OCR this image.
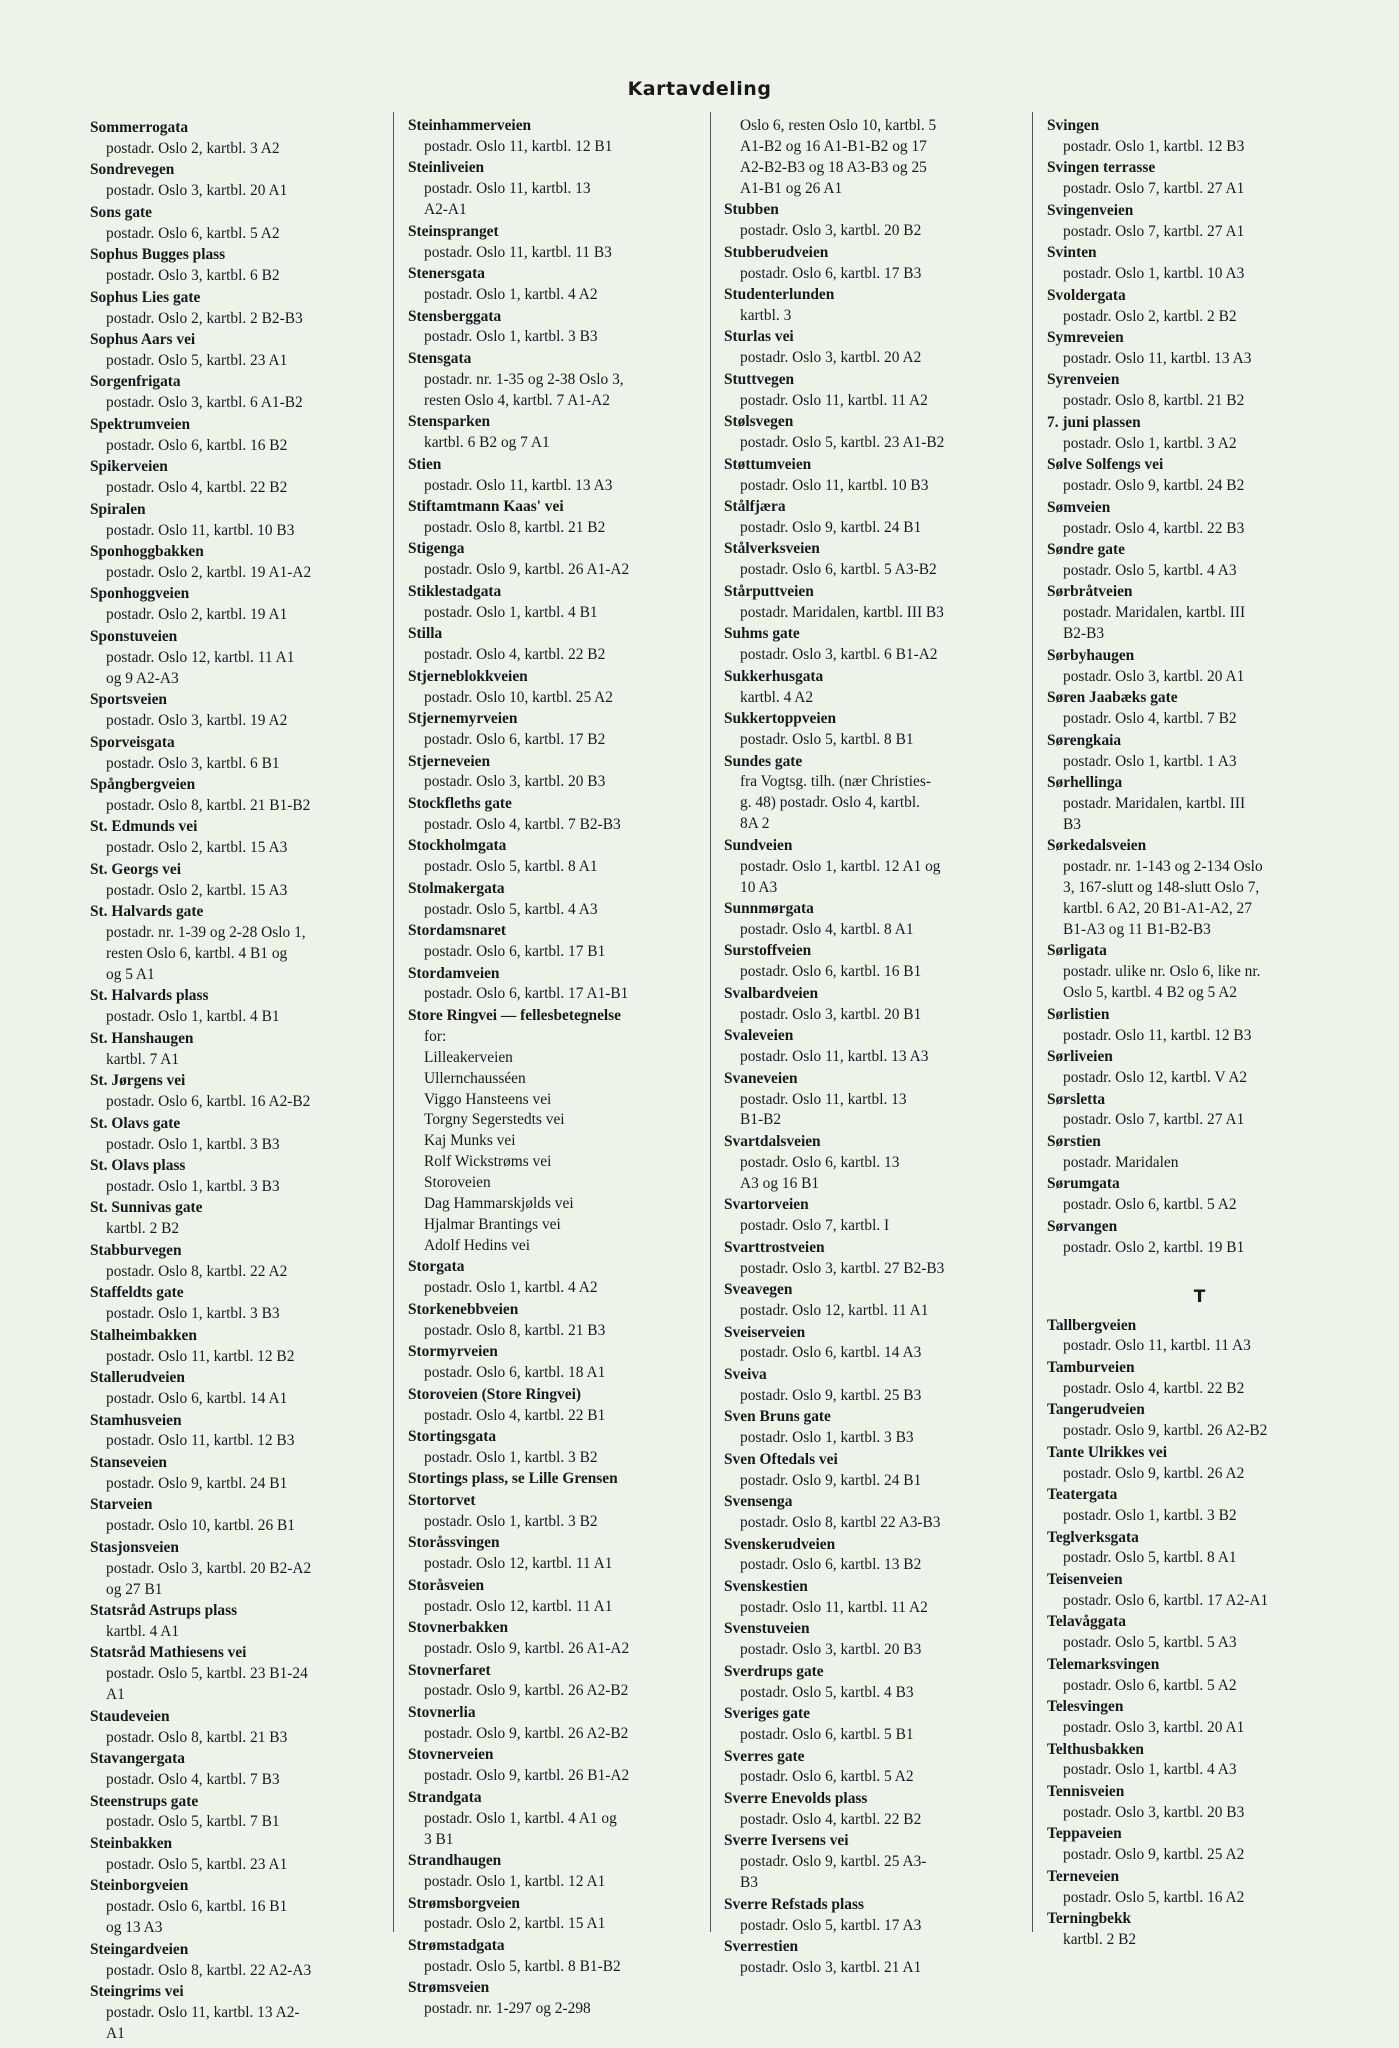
Kartavdeling
Sommerrogata
postadr. Oslo 2, kartbl. 3 A2
Sondrevegen
postadr. Oslo 3, kartbl. 20 A1
Sons gate
postadr. Oslo 6, kartbl. 5 A2
Sophus Bugges plass
postadr. Oslo 3, kartbl. 6 B2
Sophus Lies gate
postadr. Oslo 2, kartbl. 2 B2-B3
Sophus Aars vei
postadr. Oslo 5, kartbl. 23 A1
Sorgenfrigata
postadr. Oslo 3, kartbl. 6 A1-B2
Spektrumveien
postadr. Oslo 6, kartbl. 16 B2
Spikerveien
postadr. Oslo 4, kartbl. 22 B2
Spiralen
postadr. Oslo 11, kartbl. 10 B3
Sponhoggbakken
postadr. Oslo 2, kartbl. 19 A1-A2
Sponhoggveien
postadr. Oslo 2, kartbl. 19 A1
Sponstuveien
postadr. Oslo 12, kartbl. 11 A1
og 9 A2-A3
Sportsveien
postadr. Oslo 3, kartbl. 19 A2
Sporveisgata
postadr. Oslo 3, kartbl. 6 B1
Spångbergveien
postadr. Oslo 8, kartbl. 21 B1-B2
St. Edmunds vei
postadr. Oslo 2, kartbl. 15 A3
St. Georgs vei
postadr. Oslo 2, kartbl. 15 A3
St. Halvards gate
postadr. nr. 1-39 og 2-28 Oslo 1,
resten Oslo 6, kartbl. 4 B1 og
og 5 A1
St. Halvards plass
postadr. Oslo 1, kartbl. 4 B1
St. Hanshaugen
kartbl. 7 A1
St. Jørgens vei
postadr. Oslo 6, kartbl. 16 A2-B2
St. Olavs gate
postadr. Oslo 1, kartbl. 3 B3
St. Olavs plass
postadr. Oslo 1, kartbl. 3 B3
St. Sunnivas gate
kartbl. 2 B2
Stabburvegen
postadr. Oslo 8, kartbl. 22 A2
Staffeldts gate
postadr. Oslo 1, kartbl. 3 B3
Stalheimbakken
postadr. Oslo 11, kartbl. 12 B2
Stallerudveien
postadr. Oslo 6, kartbl. 14 A1
Stamhusveien
postadr. Oslo 11, kartbl. 12 B3
Stanseveien
postadr. Oslo 9, kartbl. 24 B1
Starveien
postadr. Oslo 10, kartbl. 26 B1
Stasjonsveien
postadr. Oslo 3, kartbl. 20 B2-A2
og 27 B1
Statsråd Astrups plass
kartbl. 4 A1
Statsråd Mathiesens vei
postadr. Oslo 5, kartbl. 23 B1-24
A1
Staudeveien
postadr. Oslo 8, kartbl. 21 B3
Stavangergata
postadr. Oslo 4, kartbl. 7 B3
Steenstrups gate
postadr. Oslo 5, kartbl. 7 B1
Steinbakken
postadr. Oslo 5, kartbl. 23 A1
Steinborgveien
postadr. Oslo 6, kartbl. 16 B1
og 13 A3
Steingardveien
postadr. Oslo 8, kartbl. 22 A2-A3
Steingrims vei
postadr. Oslo 11, kartbl. 13 A2-
A1
Steinhammerveien
postadr. Oslo 11, kartbl. 12 B1
Steinliveien
postadr. Oslo 11, kartbl. 13
A2-A1
Steinspranget
postadr. Oslo 11, kartbl. 11 B3
Stenersgata
postadr. Oslo 1, kartbl. 4 A2
Stensberggata
postadr. Oslo 1, kartbl. 3 B3
Stensgata
postadr. nr. 1-35 og 2-38 Oslo 3,
resten Oslo 4, kartbl. 7 A1-A2
Stensparken
kartbl. 6 B2 og 7 A1
Stien
postadr. Oslo 11, kartbl. 13 A3
Stiftamtmann Kaas' vei
postadr. Oslo 8, kartbl. 21 B2
Stigenga
postadr. Oslo 9, kartbl. 26 A1-A2
Stiklestadgata
postadr. Oslo 1, kartbl. 4 B1
Stilla
postadr. Oslo 4, kartbl. 22 B2
Stjerneblokkveien
postadr. Oslo 10, kartbl. 25 A2
Stjernemyrveien
postadr. Oslo 6, kartbl. 17 B2
Stjerneveien
postadr. Oslo 3, kartbl. 20 B3
Stockfleths gate
postadr. Oslo 4, kartbl. 7 B2-B3
Stockholmgata
postadr. Oslo 5, kartbl. 8 A1
Stolmakergata
postadr. Oslo 5, kartbl. 4 A3
Stordamsnaret
postadr. Oslo 6, kartbl. 17 B1
Stordamveien
postadr. Oslo 6, kartbl. 17 A1-B1
Store Ringvei — fellesbetegnelse
for:
Lilleakerveien
Ullernchausséen
Viggo Hansteens vei
Torgny Segerstedts vei
Kaj Munks vei
Rolf Wickstrøms vei
Storoveien
Dag Hammarskjølds vei
Hjalmar Brantings vei
Adolf Hedins vei
Storgata
postadr. Oslo 1, kartbl. 4 A2
Storkenebbveien
postadr. Oslo 8, kartbl. 21 B3
Stormyrveien
postadr. Oslo 6, kartbl. 18 A1
Storoveien (Store Ringvei)
postadr. Oslo 4, kartbl. 22 B1
Stortingsgata
postadr. Oslo 1, kartbl. 3 B2
Stortings plass, se Lille Grensen
Stortorvet
postadr. Oslo 1, kartbl. 3 B2
Storåssvingen
postadr. Oslo 12, kartbl. 11 A1
Storåsveien
postadr. Oslo 12, kartbl. 11 A1
Stovnerbakken
postadr. Oslo 9, kartbl. 26 A1-A2
Stovnerfaret
postadr. Oslo 9, kartbl. 26 A2-B2
Stovnerlia
postadr. Oslo 9, kartbl. 26 A2-B2
Stovnerveien
postadr. Oslo 9, kartbl. 26 B1-A2
Strandgata
postadr. Oslo 1, kartbl. 4 A1 og
3 B1
Strandhaugen
postadr. Oslo 1, kartbl. 12 A1
Strømsborgveien
postadr. Oslo 2, kartbl. 15 A1
Strømstadgata
postadr. Oslo 5, kartbl. 8 B1-B2
Strømsveien
postadr. nr. 1-297 og 2-298
Oslo 6, resten Oslo 10, kartbl. 5
A1-B2 og 16 A1-B1-B2 og 17
A2-B2-B3 og 18 A3-B3 og 25
A1-B1 og 26 A1
Stubben
postadr. Oslo 3, kartbl. 20 B2
Stubberudveien
postadr. Oslo 6, kartbl. 17 B3
Studenterlunden
kartbl. 3
Sturlas vei
postadr. Oslo 3, kartbl. 20 A2
Stuttvegen
postadr. Oslo 11, kartbl. 11 A2
Stølsvegen
postadr. Oslo 5, kartbl. 23 A1-B2
Støttumveien
postadr. Oslo 11, kartbl. 10 B3
Stålfjæra
postadr. Oslo 9, kartbl. 24 B1
Stålverksveien
postadr. Oslo 6, kartbl. 5 A3-B2
Stårputtveien
postadr. Maridalen, kartbl. III B3
Suhms gate
postadr. Oslo 3, kartbl. 6 B1-A2
Sukkerhusgata
kartbl. 4 A2
Sukkertoppveien
postadr. Oslo 5, kartbl. 8 B1
Sundes gate
fra Vogtsg. tilh. (nær Christies-
g. 48) postadr. Oslo 4, kartbl.
8A 2
Sundveien
postadr. Oslo 1, kartbl. 12 A1 og
10 A3
Sunnmørgata
postadr. Oslo 4, kartbl. 8 A1
Surstoffveien
postadr. Oslo 6, kartbl. 16 B1
Svalbardveien
postadr. Oslo 3, kartbl. 20 B1
Svaleveien
postadr. Oslo 11, kartbl. 13 A3
Svaneveien
postadr. Oslo 11, kartbl. 13
B1-B2
Svartdalsveien
postadr. Oslo 6, kartbl. 13
A3 og 16 B1
Svartorveien
postadr. Oslo 7, kartbl. I
Svarttrostveien
postadr. Oslo 3, kartbl. 27 B2-B3
Sveavegen
postadr. Oslo 12, kartbl. 11 A1
Sveiserveien
postadr. Oslo 6, kartbl. 14 A3
Sveiva
postadr. Oslo 9, kartbl. 25 B3
Sven Bruns gate
postadr. Oslo 1, kartbl. 3 B3
Sven Oftedals vei
postadr. Oslo 9, kartbl. 24 B1
Svensenga
postadr. Oslo 8, kartbl 22 A3-B3
Svenskerudveien
postadr. Oslo 6, kartbl. 13 B2
Svenskestien
postadr. Oslo 11, kartbl. 11 A2
Svenstuveien
postadr. Oslo 3, kartbl. 20 B3
Sverdrups gate
postadr. Oslo 5, kartbl. 4 B3
Sveriges gate
postadr. Oslo 6, kartbl. 5 B1
Sverres gate
postadr. Oslo 6, kartbl. 5 A2
Sverre Enevolds plass
postadr. Oslo 4, kartbl. 22 B2
Sverre Iversens vei
postadr. Oslo 9, kartbl. 25 A3-
B3
Sverre Refstads plass
postadr. Oslo 5, kartbl. 17 A3
Sverrestien
postadr. Oslo 3, kartbl. 21 A1
Svingen
postadr. Oslo 1, kartbl. 12 B3
Svingen terrasse
postadr. Oslo 7, kartbl. 27 A1
Svingenveien
postadr. Oslo 7, kartbl. 27 A1
Svinten
postadr. Oslo 1, kartbl. 10 A3
Svoldergata
postadr. Oslo 2, kartbl. 2 B2
Symreveien
postadr. Oslo 11, kartbl. 13 A3
Syrenveien
postadr. Oslo 8, kartbl. 21 B2
7. juni plassen
postadr. Oslo 1, kartbl. 3 A2
Sølve Solfengs vei
postadr. Oslo 9, kartbl. 24 B2
Sømveien
postadr. Oslo 4, kartbl. 22 B3
Søndre gate
postadr. Oslo 5, kartbl. 4 A3
Sørbråtveien
postadr. Maridalen, kartbl. III
B2-B3
Sørbyhaugen
postadr. Oslo 3, kartbl. 20 A1
Søren Jaabæks gate
postadr. Oslo 4, kartbl. 7 B2
Sørengkaia
postadr. Oslo 1, kartbl. 1 A3
Sørhellinga
postadr. Maridalen, kartbl. III
B3
Sørkedalsveien
postadr. nr. 1-143 og 2-134 Oslo
3, 167-slutt og 148-slutt Oslo 7,
kartbl. 6 A2, 20 B1-A1-A2, 27
B1-A3 og 11 B1-B2-B3
Sørligata
postadr. ulike nr. Oslo 6, like nr.
Oslo 5, kartbl. 4 B2 og 5 A2
Sørlistien
postadr. Oslo 11, kartbl. 12 B3
Sørliveien
postadr. Oslo 12, kartbl. V A2
Sørsletta
postadr. Oslo 7, kartbl. 27 A1
Sørstien
postadr. Maridalen
Sørumgata
postadr. Oslo 6, kartbl. 5 A2
Sørvangen
postadr. Oslo 2, kartbl. 19 B1
T
Tallbergveien
postadr. Oslo 11, kartbl. 11 A3
Tamburveien
postadr. Oslo 4, kartbl. 22 B2
Tangerudveien
postadr. Oslo 9, kartbl. 26 A2-B2
Tante Ulrikkes vei
postadr. Oslo 9, kartbl. 26 A2
Teatergata
postadr. Oslo 1, kartbl. 3 B2
Teglverksgata
postadr. Oslo 5, kartbl. 8 A1
Teisenveien
postadr. Oslo 6, kartbl. 17 A2-A1
Telavåggata
postadr. Oslo 5, kartbl. 5 A3
Telemarksvingen
postadr. Oslo 6, kartbl. 5 A2
Telesvingen
postadr. Oslo 3, kartbl. 20 A1
Telthusbakken
postadr. Oslo 1, kartbl. 4 A3
Tennisveien
postadr. Oslo 3, kartbl. 20 B3
Teppaveien
postadr. Oslo 9, kartbl. 25 A2
Terneveien
postadr. Oslo 5, kartbl. 16 A2
Terningbekk
kartbl. 2 B2
